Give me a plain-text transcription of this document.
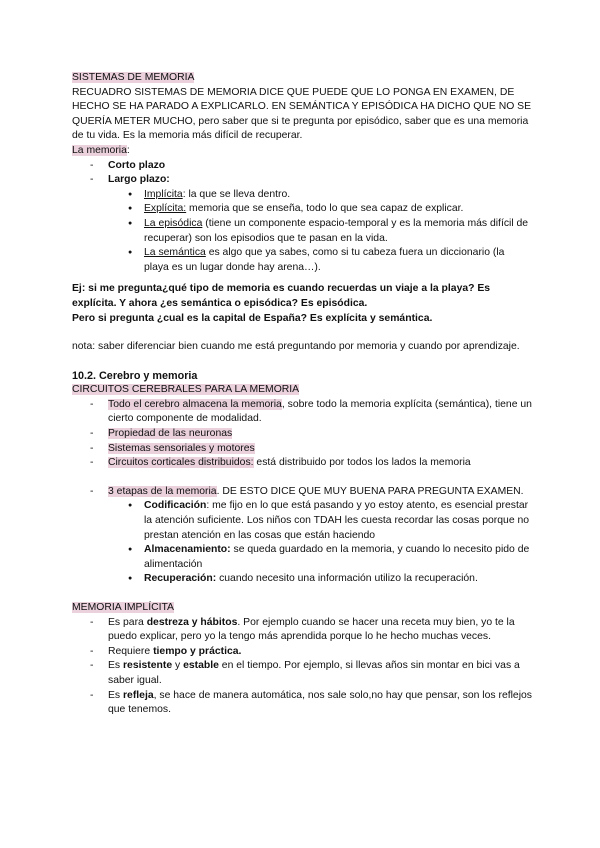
SISTEMAS DE MEMORIA

RECUADRO SISTEMAS DE MEMORIA DICE QUE PUEDE QUE LO PONGA EN EXAMEN, DE HECHO SE HA PARADO A EXPLICARLO. EN SEMÁNTICA Y EPISÓDICA HA DICHO QUE NO SE QUERÍA METER MUCHO, pero saber que si te pregunta por episódico, saber que es una memoria de tu vida. Es la memoria más difícil de recuperar.

La memoria:

- Corto plazo
- Largo plazo:
● Implícita: la que se lleva dentro.
● Explícita: memoria que se enseña, todo lo que sea capaz de explicar.
● La episódica (tiene un componente espacio-temporal y es la memoria más difícil de recuperar) son los episodios que te pasan en la vida.
● La semántica es algo que ya sabes, como si tu cabeza fuera un diccionario (la playa es un lugar donde hay arena…).

Ej: si me pregunta¿qué tipo de memoria es cuando recuerdas un viaje a la playa? Es explícita. Y ahora ¿es semántica o episódica? Es episódica.

Pero si pregunta ¿cual es la capital de España? Es explícita y semántica.

nota: saber diferenciar bien cuando me está preguntando por memoria y cuando por aprendizaje.

10.2. Cerebro y memoria

CIRCUITOS CEREBRALES PARA LA MEMORIA

- Todo el cerebro almacena la memoria, sobre todo la memoria explícita (semántica), tiene un cierto componente de modalidad.
- Propiedad de las neuronas
- Sistemas sensoriales y motores
- Circuitos corticales distribuidos: está distribuido por todos los lados la memoria
- 3 etapas de la memoria. DE ESTO DICE QUE MUY BUENA PARA PREGUNTA EXAMEN.
● Codificación: me fijo en lo que está pasando y yo estoy atento, es esencial prestar la atención suficiente. Los niños con TDAH les cuesta recordar las cosas porque no prestan atención en las cosas que están haciendo
● Almacenamiento: se queda guardado en la memoria, y cuando lo necesito pido de alimentación
● Recuperación: cuando necesito una información utilizo la recuperación.

MEMORIA IMPLÍCITA

- Es para destreza y hábitos. Por ejemplo cuando se hacer una receta muy bien, yo te la puedo explicar, pero yo la tengo más aprendida porque lo he hecho muchas veces.
- Requiere tiempo y práctica.
- Es resistente y estable en el tiempo. Por ejemplo, si llevas años sin montar en bici vas a saber igual.
- Es refleja, se hace de manera automática, nos sale solo,no hay que pensar, son los reflejos que tenemos.
